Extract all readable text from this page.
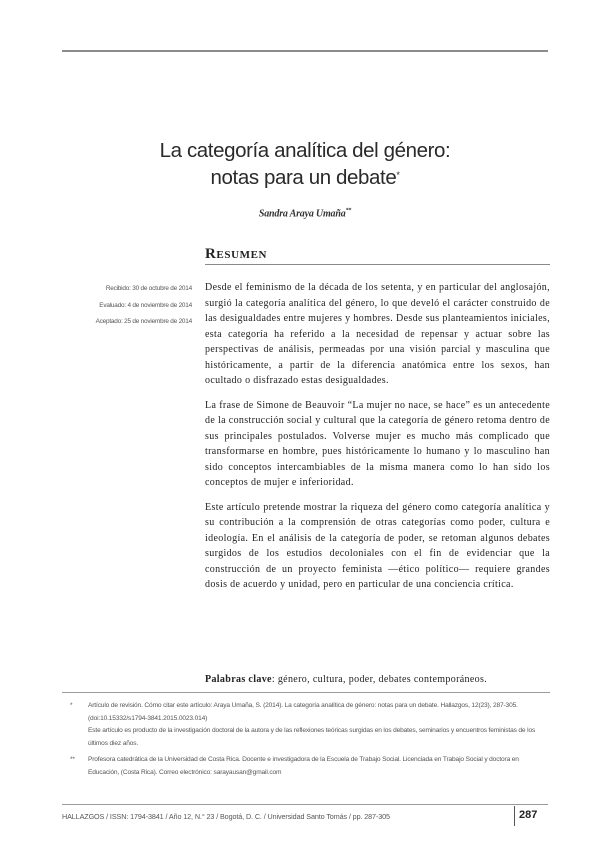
La categoría analítica del género:
notas para un debate*
Sandra Araya Umaña**
Resumen
Recibido: 30 de octubre de 2014
Evaluado: 4 de noviembre de 2014
Aceptado: 25 de noviembre de 2014

Desde el feminismo de la década de los setenta, y en particular del anglosajón, surgió la categoría analítica del género, lo que develó el carácter construido de las desigualdades entre mujeres y hombres. Desde sus planteamientos iniciales, esta categoría ha referido a la necesidad de repensar y actuar sobre las perspectivas de análisis, permeadas por una visión parcial y masculina que históricamente, a partir de la diferencia anatómica entre los sexos, han ocultado o disfrazado estas desigualdades.

La frase de Simone de Beauvoir “La mujer no nace, se hace” es un antecedente de la construcción social y cultural que la categoría de género retoma dentro de sus principales postulados. Volverse mujer es mucho más complicado que transformarse en hombre, pues históricamente lo humano y lo masculino han sido conceptos intercambiables de la misma manera como lo han sido los conceptos de mujer e inferioridad.

Este artículo pretende mostrar la riqueza del género como categoría analítica y su contribución a la comprensión de otras categorías como poder, cultura e ideología. En el análisis de la categoría de poder, se retoman algunos debates surgidos de los estudios decoloniales con el fin de evidenciar que la construcción de un proyecto feminista —ético político— requiere grandes dosis de acuerdo y unidad, pero en particular de una conciencia crítica.

Palabras clave: género, cultura, poder, debates contemporáneos.
* Artículo de revisión. Cómo citar este artículo: Araya Umaña, S. (2014). La categoría analítica de género: notas para un debate. Hallazgos, 12(23), 287-305. (doi:10.15332/s1794-3841.2015.0023.014)
Este artículo es producto de la investigación doctoral de la autora y de las reflexiones teóricas surgidas en los debates, seminarios y encuentros feministas de los últimos diez años.
** Profesora catedrática de la Universidad de Costa Rica. Docente e investigadora de la Escuela de Trabajo Social. Licenciada en Trabajo Social y doctora en Educación, (Costa Rica). Correo electrónico: sarayausan@gmail.com
HALLAZGOS / ISSN: 1794-3841 / Año 12, N.° 23 / Bogotá, D. C. / Universidad Santo Tomás / pp. 287-305	287
